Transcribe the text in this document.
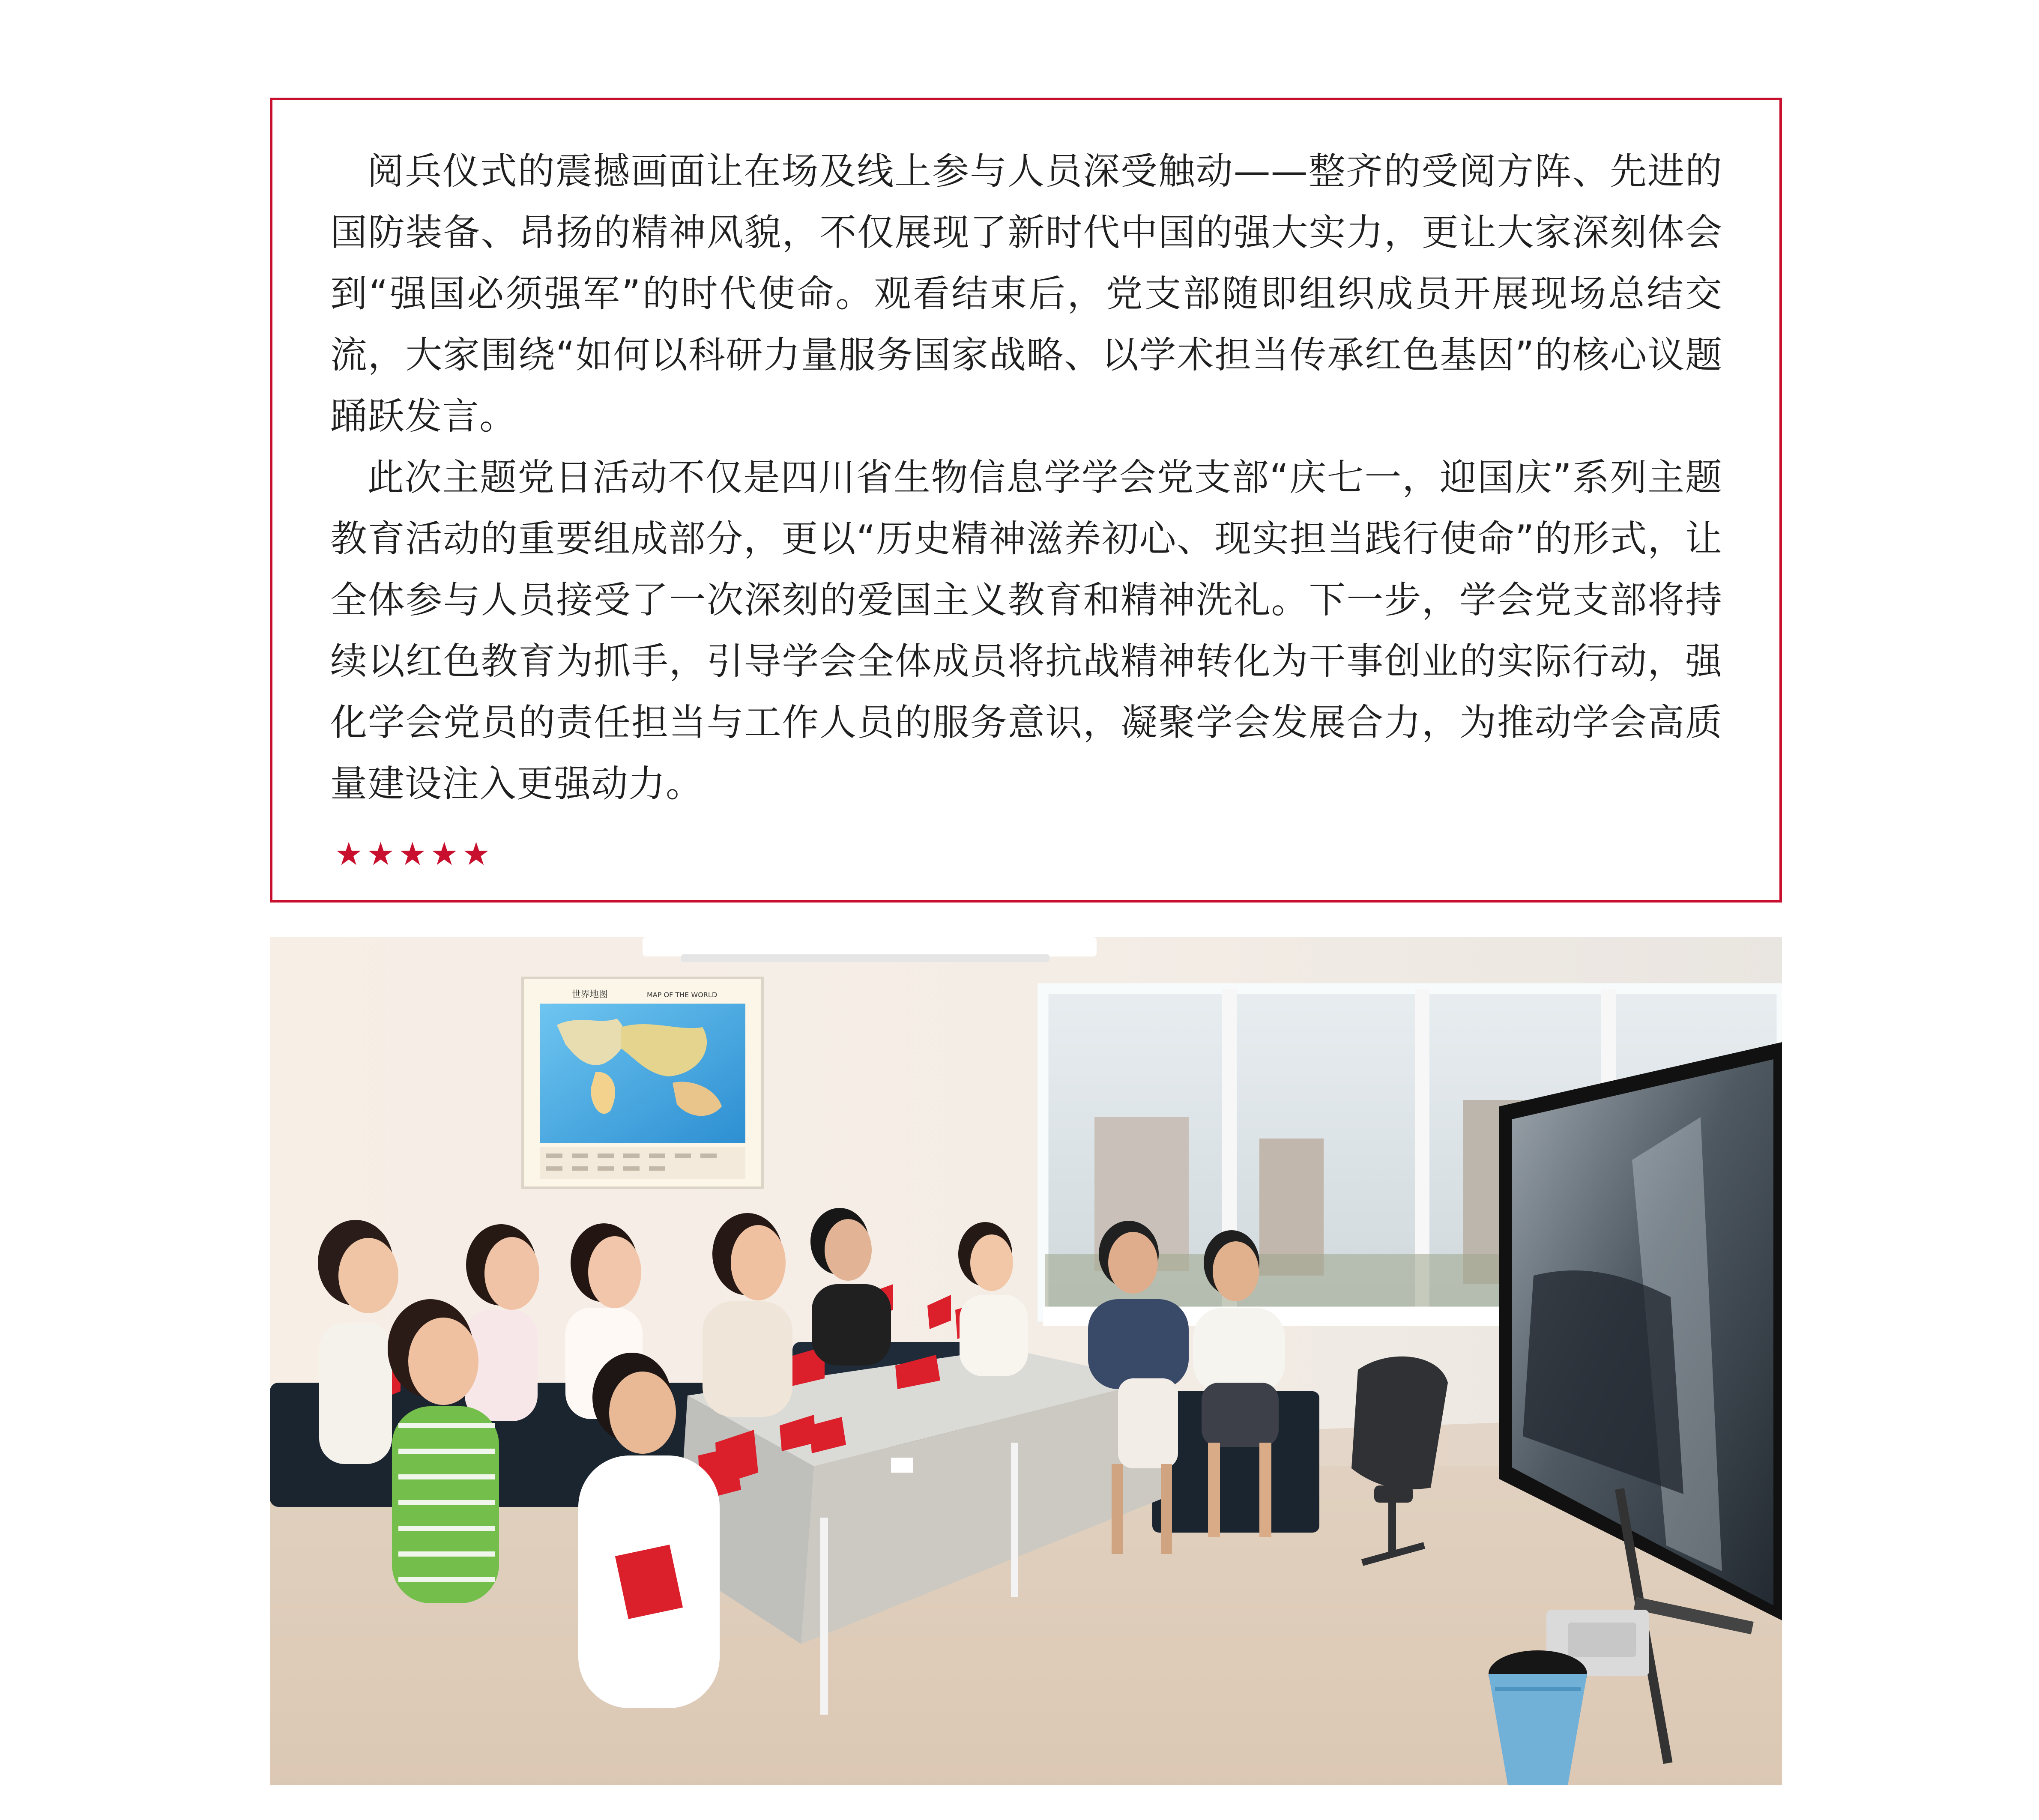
阅兵仪式的震撼画面让在场及线上参与人员深受触动——整齐的受阅方阵、先进的国防装备、昂扬的精神风貌，不仅展现了新时代中国的强大实力，更让大家深刻体会到“强国必须强军”的时代使命。观看结束后，党支部随即组织成员开展现场总结交流，大家围绕“如何以科研力量服务国家战略、以学术担当传承红色基因”的核心议题踊跃发言。

此次主题党日活动不仅是四川省生物信息学学会党支部“庆七一，迎国庆”系列主题教育活动的重要组成部分，更以“历史精神滋养初心、现实担当践行使命”的形式，让全体参与人员接受了一次深刻的爱国主义教育和精神洗礼。下一步，学会党支部将持续以红色教育为抓手，引导学会全体成员将抗战精神转化为干事创业的实际行动，强化学会党员的责任担当与工作人员的服务意识，凝聚学会发展合力，为推动学会高质量建设注入更强动力。

★★★★★
世界地图	MAP OF THE WORLD
